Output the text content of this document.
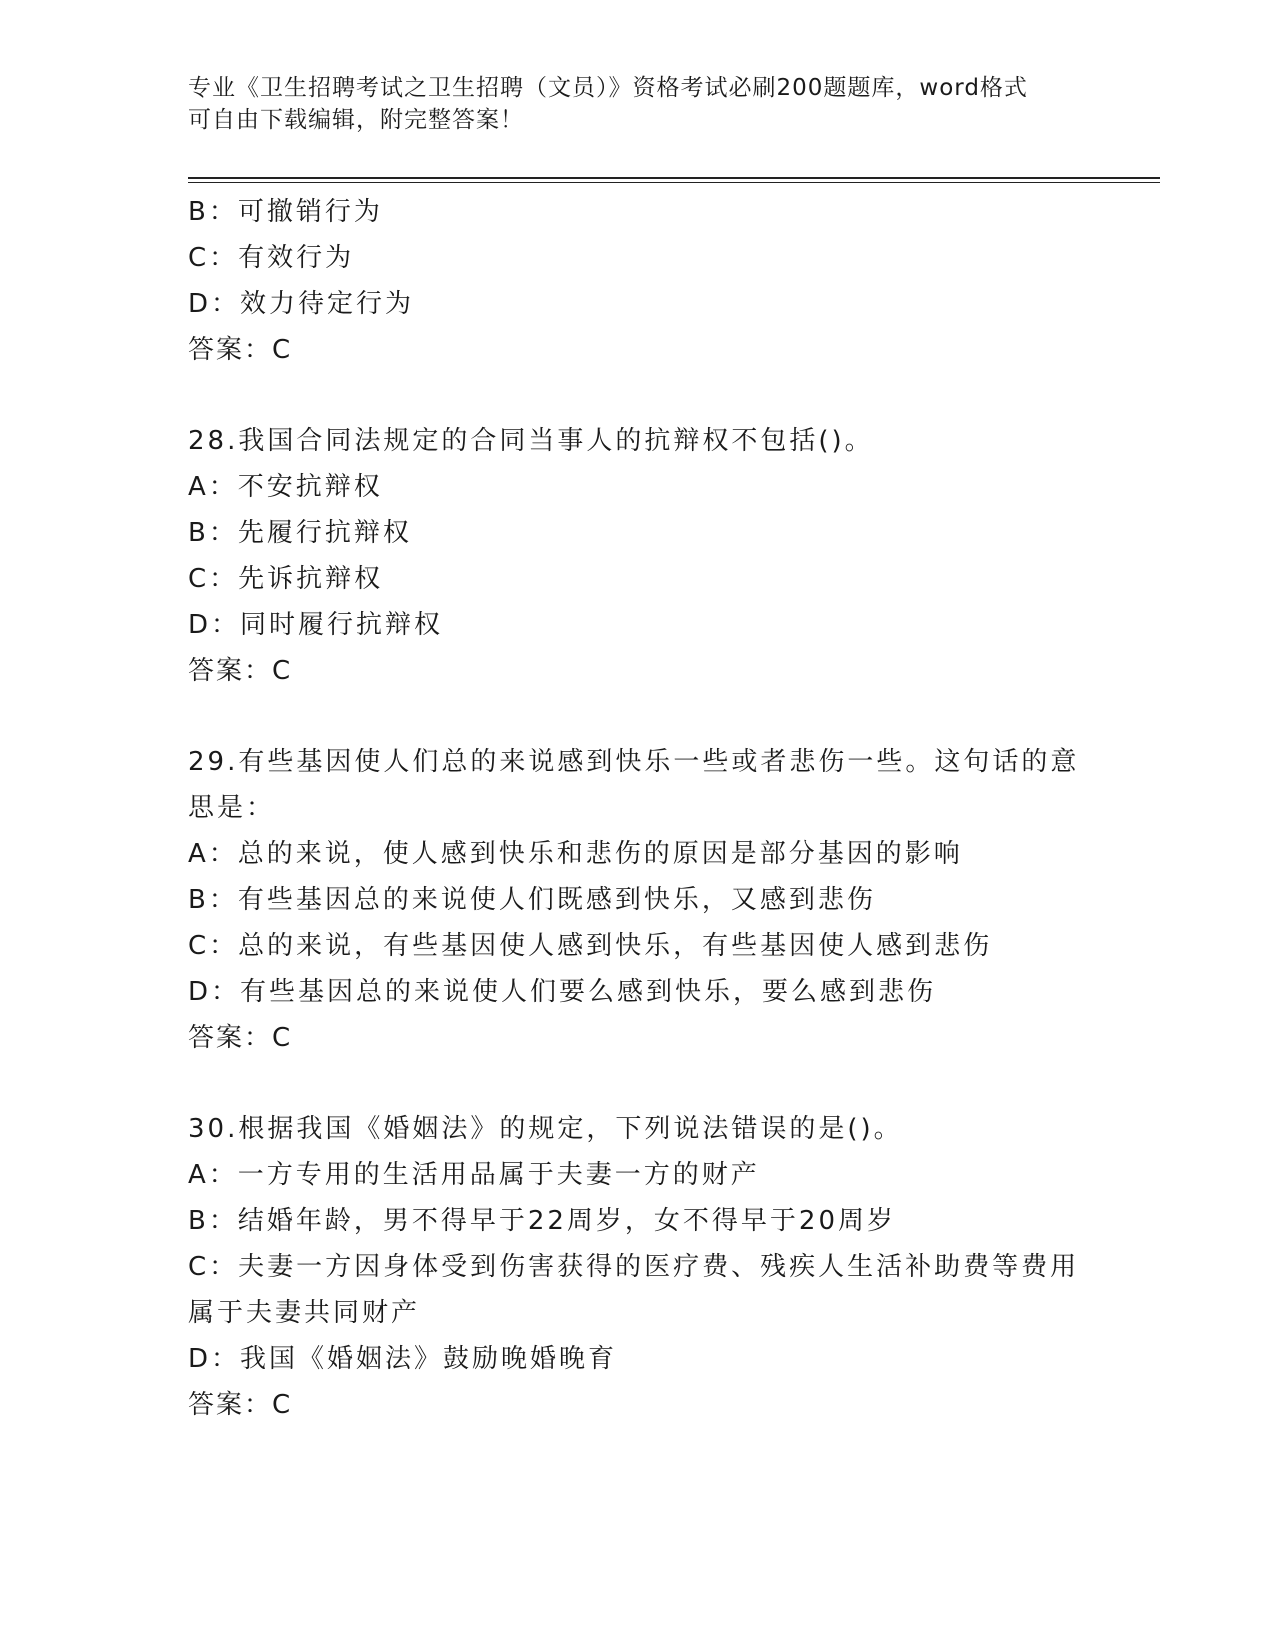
专业《卫生招聘考试之卫生招聘（文员）》资格考试必刷200题题库，word格式
可自由下载编辑，附完整答案！
B：可撤销行为
C：有效行为
D：效力待定行为
答案：C
28.我国合同法规定的合同当事人的抗辩权不包括()。
A：不安抗辩权
B：先履行抗辩权
C：先诉抗辩权
D：同时履行抗辩权
答案：C
29.有些基因使人们总的来说感到快乐一些或者悲伤一些。这句话的意
思是：
A：总的来说，使人感到快乐和悲伤的原因是部分基因的影响
B：有些基因总的来说使人们既感到快乐，又感到悲伤
C：总的来说，有些基因使人感到快乐，有些基因使人感到悲伤
D：有些基因总的来说使人们要么感到快乐，要么感到悲伤
答案：C
30.根据我国《婚姻法》的规定，下列说法错误的是()。
A：一方专用的生活用品属于夫妻一方的财产
B：结婚年龄，男不得早于22周岁，女不得早于20周岁
C：夫妻一方因身体受到伤害获得的医疗费、残疾人生活补助费等费用
属于夫妻共同财产
D：我国《婚姻法》鼓励晚婚晚育
答案：C
